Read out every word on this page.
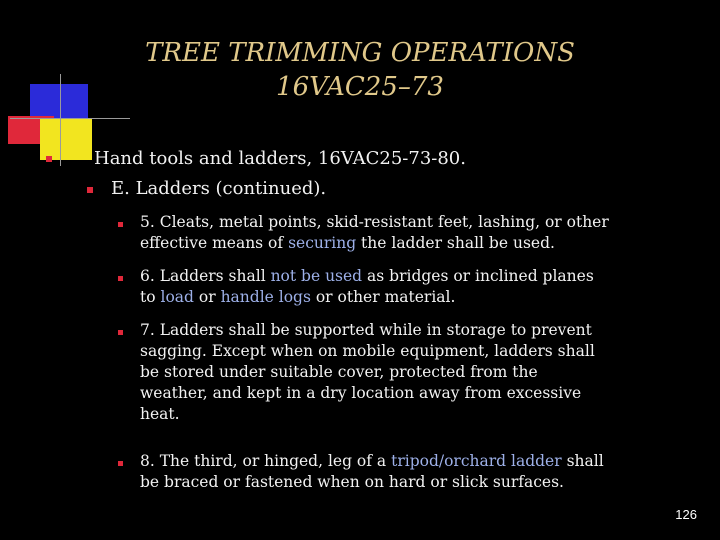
TREE TRIMMING OPERATIONS
16VAC25–73
Hand tools and ladders, 16VAC25-73-80.
E. Ladders (continued).
5. Cleats, metal points, skid-resistant feet, lashing, or other
effective means of securing the ladder shall be used.
6. Ladders shall not be used as bridges or inclined planes
to load or handle logs or other material.
7. Ladders shall be supported while in storage to prevent
sagging. Except when on mobile equipment, ladders shall
be stored under suitable cover, protected from the
weather, and kept in a dry location away from excessive
heat.
8. The third, or hinged, leg of a tripod/orchard ladder shall
be braced or fastened when on hard or slick surfaces.
126
